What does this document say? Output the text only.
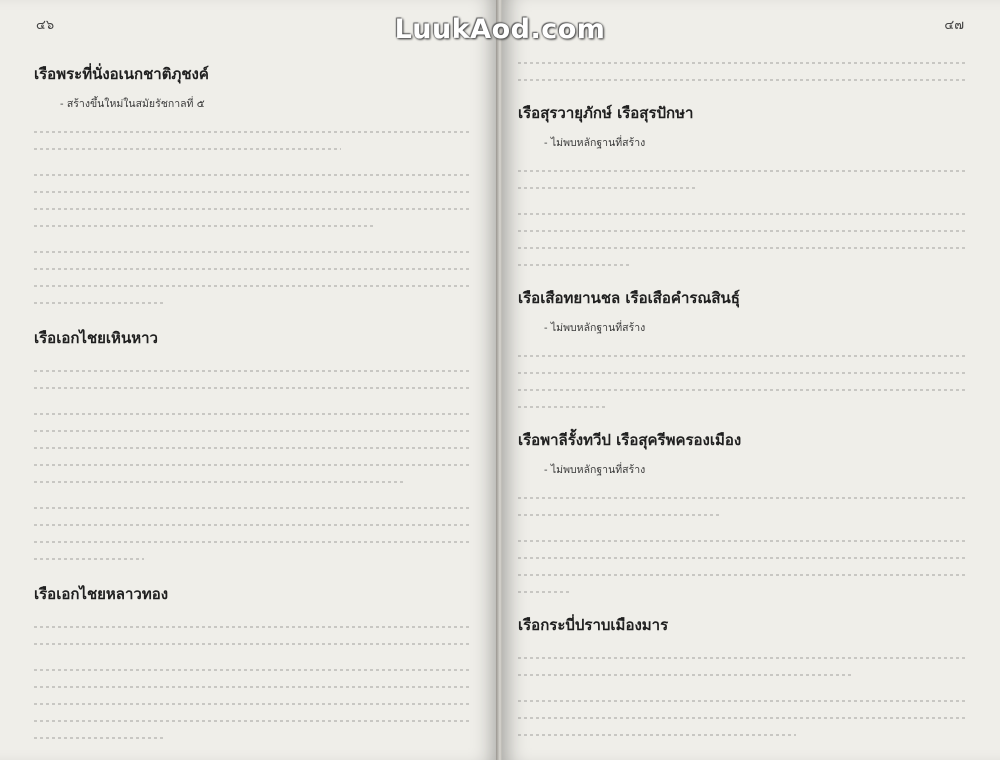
LuukAod.com
๔๖
เรือพระที่นั่งอเนกชาติภุชงค์

- สร้างขึ้นใหม่ในสมัยรัชกาลที่ ๕

เรือเอกไชยเหินหาว
เรือเอกไชยหลาวทอง
๔๗
เรือสุรวายุภักษ์ เรือสุรปักษา

- ไม่พบหลักฐานที่สร้าง

เรือเสือทยานชล เรือเสือคำรณสินธุ์

- ไม่พบหลักฐานที่สร้าง

เรือพาลีรั้งทวีป เรือสุครีพครองเมือง

- ไม่พบหลักฐานที่สร้าง

เรือกระบี่ปราบเมืองมาร
